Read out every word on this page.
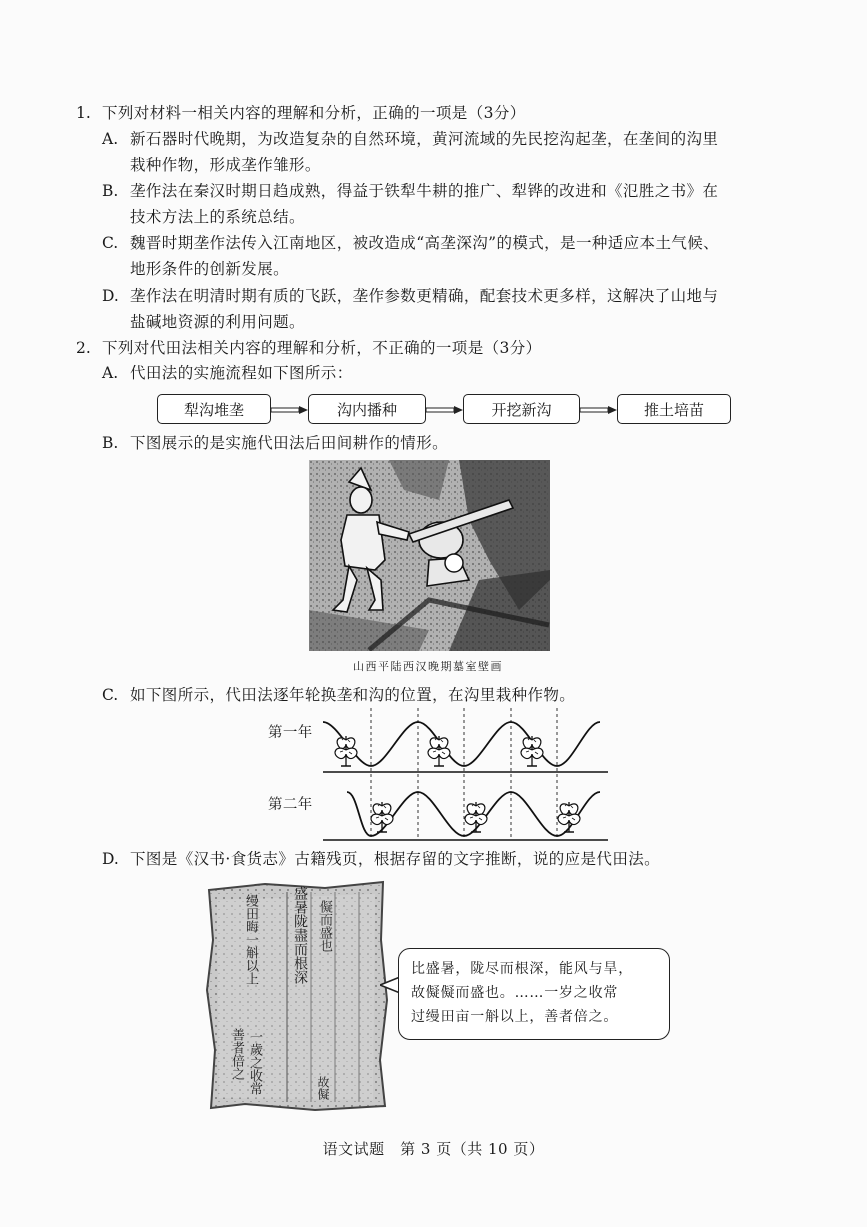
1. 下列对材料一相关内容的理解和分析，正确的一项是（3分）
A. 新石器时代晚期，为改造复杂的自然环境，黄河流域的先民挖沟起垄，在垄间的沟里
栽种作物，形成垄作雏形。
B. 垄作法在秦汉时期日趋成熟，得益于铁犁牛耕的推广、犁铧的改进和《氾胜之书》在
技术方法上的系统总结。
C. 魏晋时期垄作法传入江南地区，被改造成“高垄深沟”的模式，是一种适应本土气候、
地形条件的创新发展。
D. 垄作法在明清时期有质的飞跃，垄作参数更精确，配套技术更多样，这解决了山地与
盐碱地资源的利用问题。
2. 下列对代田法相关内容的理解和分析，不正确的一项是（3分）
A. 代田法的实施流程如下图所示：
犁沟堆垄	沟内播种	开挖新沟	推土培苗
B. 下图展示的是实施代田法后田间耕作的情形。
山西平陆西汉晚期墓室壁画
C. 如下图所示，代田法逐年轮换垄和沟的位置，在沟里栽种作物。
第一年
第二年
D. 下图是《汉书·食货志》古籍残页，根据存留的文字推断，说的应是代田法。
缦田晦一斛以上 盛暑陇盡而根深 儗而盛也
一歲之收常
善者倍之
故儗
比盛暑，陇尽而根深，能风与旱，
故儗儗而盛也。……一岁之收常
过缦田亩一斛以上，善者倍之。
语文试题　第 3 页（共 10 页）
